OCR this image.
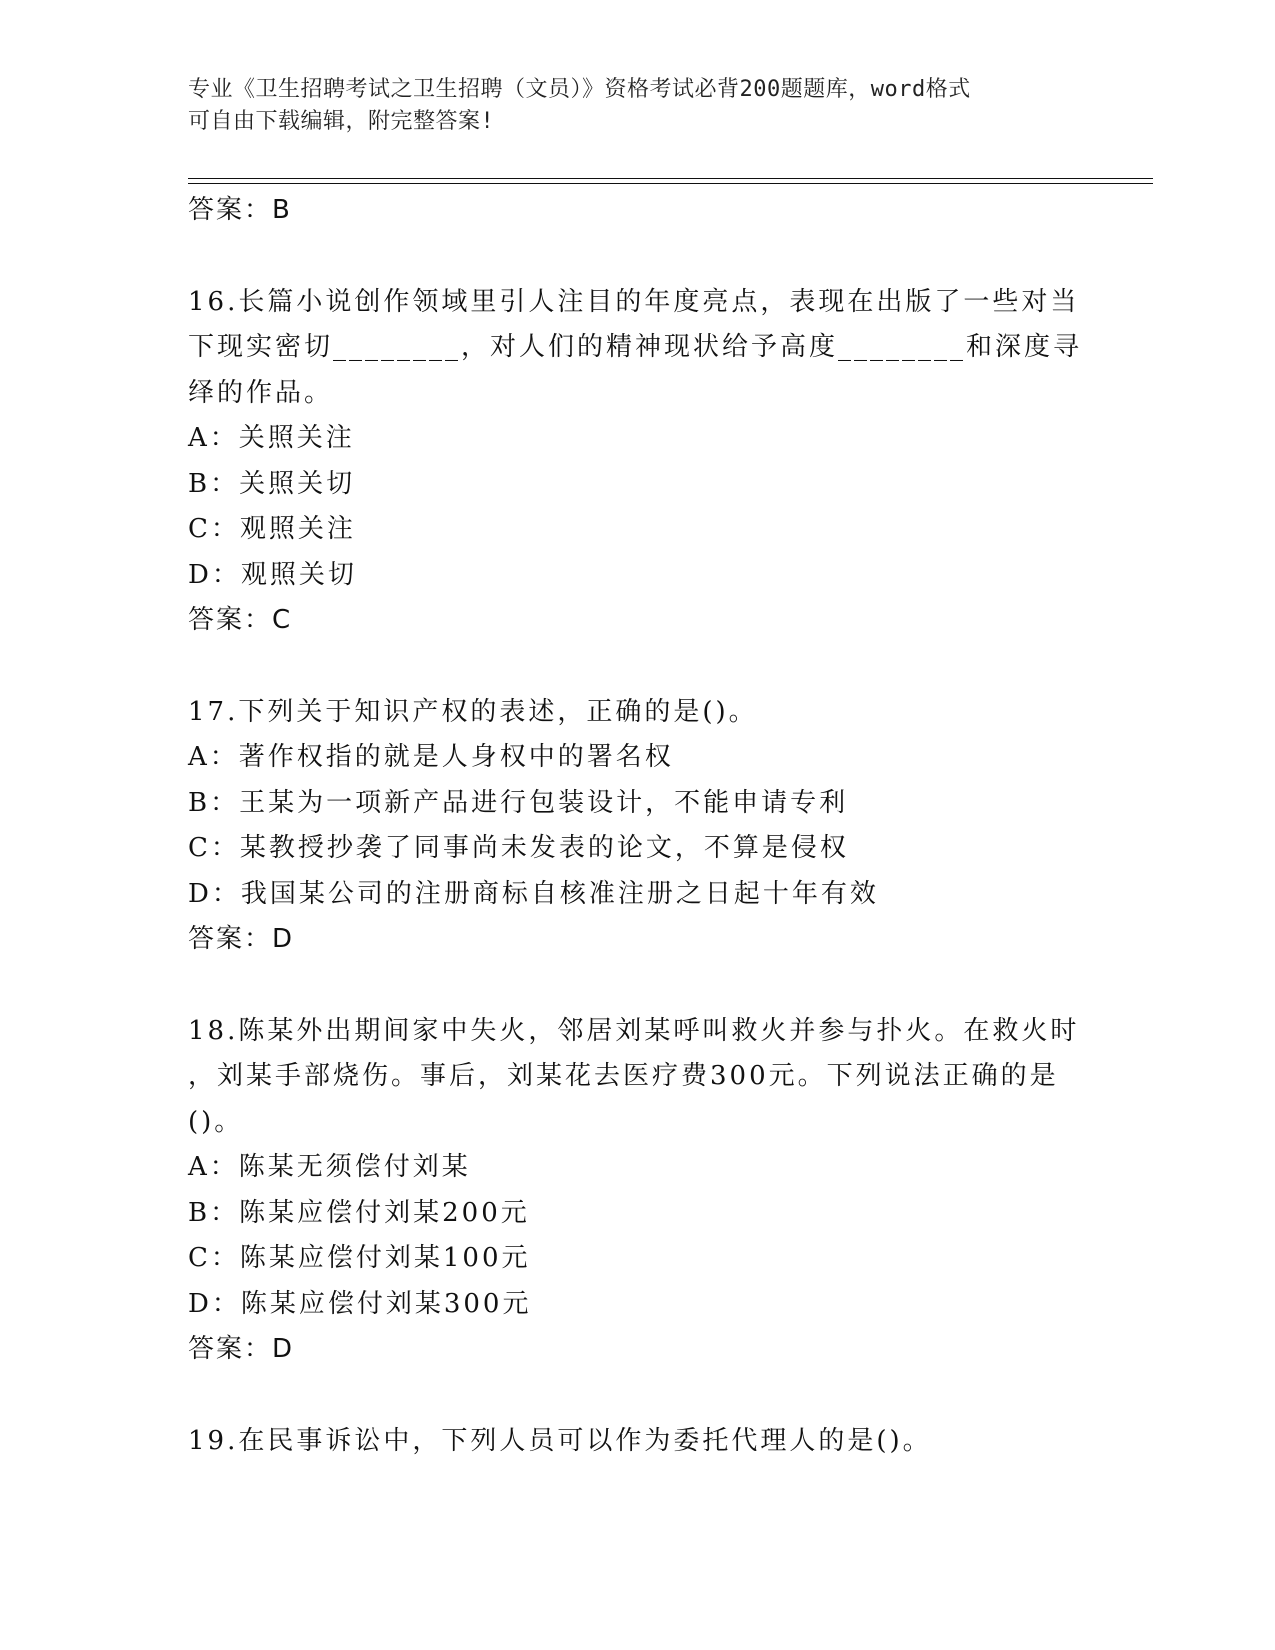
专业《卫生招聘考试之卫生招聘（文员）》资格考试必背200题题库，word格式
可自由下载编辑，附完整答案!
答案：B

16.长篇小说创作领域里引人注目的年度亮点，表现在出版了一些对当

下现实密切________，对人们的精神现状给予高度________和深度寻

绎的作品。

A：关照关注

B：关照关切

C：观照关注

D：观照关切

答案：C

17.下列关于知识产权的表述，正确的是()。

A：著作权指的就是人身权中的署名权

B：王某为一项新产品进行包装设计，不能申请专利

C：某教授抄袭了同事尚未发表的论文，不算是侵权

D：我国某公司的注册商标自核准注册之日起十年有效

答案：D

18.陈某外出期间家中失火，邻居刘某呼叫救火并参与扑火。在救火时

，刘某手部烧伤。事后，刘某花去医疗费300元。下列说法正确的是

()。

A：陈某无须偿付刘某

B：陈某应偿付刘某200元

C：陈某应偿付刘某100元

D：陈某应偿付刘某300元

答案：D

19.在民事诉讼中，下列人员可以作为委托代理人的是()。
